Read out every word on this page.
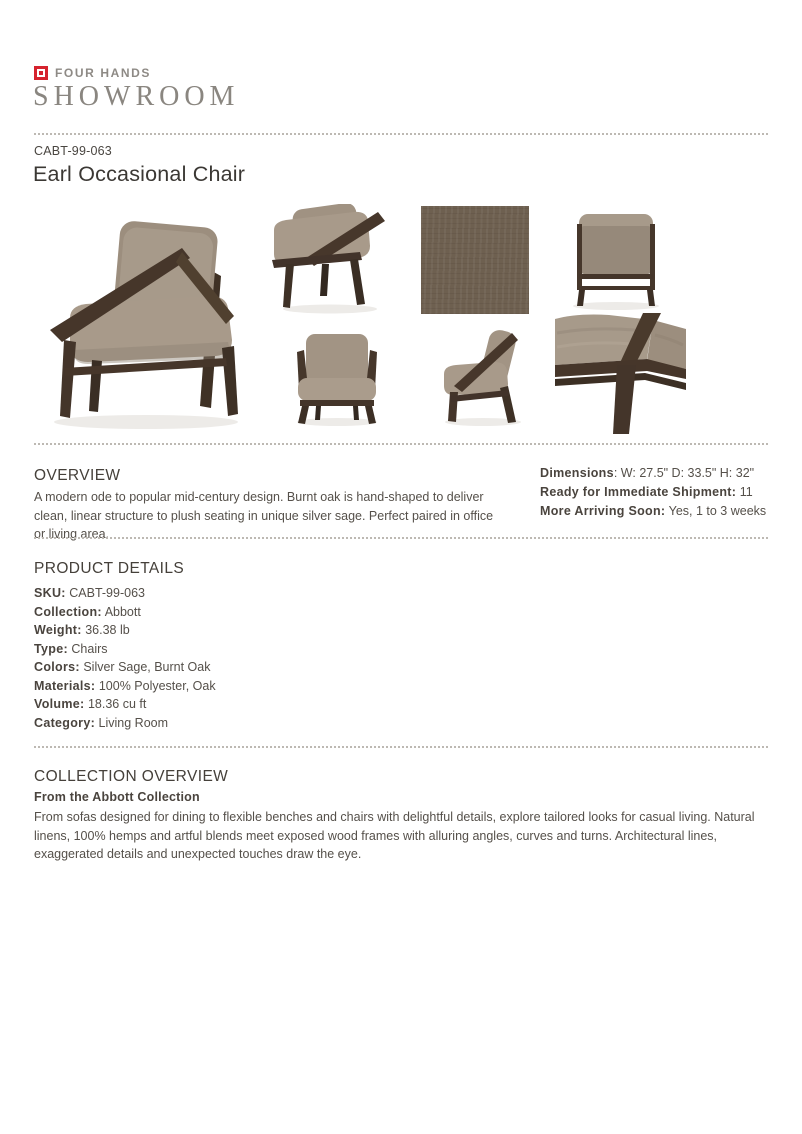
FOUR HANDS
SHOWROOM
CABT-99-063
Earl Occasional Chair
OVERVIEW
A modern ode to popular mid-century design. Burnt oak is hand-shaped to deliver clean, linear structure to plush seating in unique silver sage. Perfect paired in office or living area.
Dimensions: W: 27.5" D: 33.5" H: 32"
Ready for Immediate Shipment: 11
More Arriving Soon: Yes, 1 to 3 weeks
PRODUCT DETAILS
SKU: CABT-99-063
Collection: Abbott
Weight: 36.38 lb
Type: Chairs
Colors: Silver Sage, Burnt Oak
Materials: 100% Polyester, Oak
Volume: 18.36 cu ft
Category: Living Room
COLLECTION OVERVIEW
From the Abbott Collection
From sofas designed for dining to flexible benches and chairs with delightful details, explore tailored looks for casual living. Natural linens, 100% hemps and artful blends meet exposed wood frames with alluring angles, curves and turns. Architectural lines, exaggerated details and unexpected touches draw the eye.
